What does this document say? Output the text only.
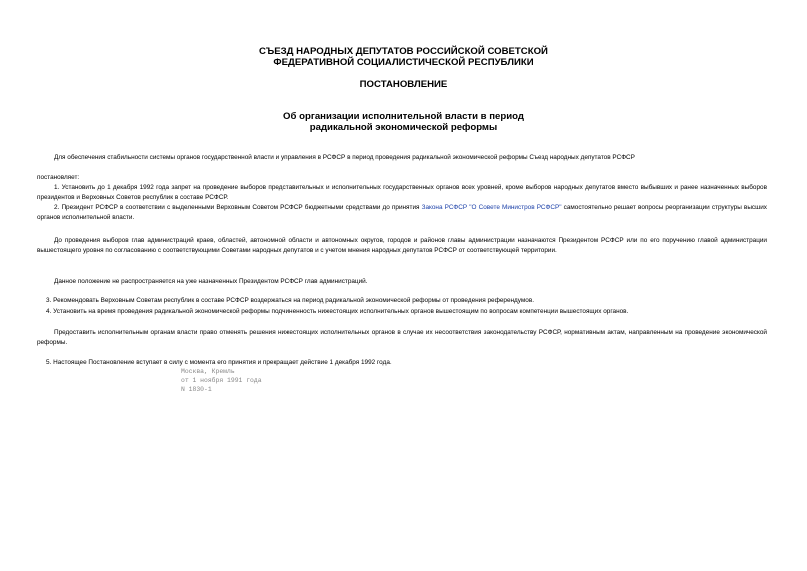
СЪЕЗД НАРОДНЫХ ДЕПУТАТОВ РОССИЙСКОЙ СОВЕТСКОЙ
ФЕДЕРАТИВНОЙ СОЦИАЛИСТИЧЕСКОЙ РЕСПУБЛИКИ
ПОСТАНОВЛЕНИЕ
Об организации исполнительной власти в период
радикальной экономической реформы
Для обеспечения стабильности системы органов государственной власти и управления в РСФСР в период проведения радикальной экономической реформы Съезд народных депутатов РСФСР
постановляет:
1. Установить до 1 декабря 1992 года запрет на проведение выборов представительных и исполнительных государственных органов всех уровней, кроме выборов народных депутатов вместо выбывших и ранее назначенных выборов президентов и Верховных Советов республик в составе РСФСР.
2. Президент РСФСР в соответствии с выделенными Верховным Советом РСФСР бюджетными средствами до принятия Закона РСФСР "О Совете Министров РСФСР" самостоятельно решает вопросы реорганизации структуры высших органов исполнительной власти.
До проведения выборов глав администраций краев, областей, автономной области и автономных округов, городов и районов главы администрации назначаются Президентом РСФСР или по его поручению главой администрации вышестоящего уровня по согласованию с соответствующими Советами народных депутатов и с учетом мнения народных депутатов РСФСР от соответствующей территории.
Данное положение не распространяется на уже назначенных Президентом РСФСР глав администраций.
3. Рекомендовать Верховным Советам республик в составе РСФСР воздержаться на период радикальной экономической реформы от проведения референдумов.
4. Установить на время проведения радикальной экономической реформы подчиненность нижестоящих исполнительных органов вышестоящим по вопросам компетенции вышестоящих органов.
Предоставить исполнительным органам власти право отменять решения нижестоящих исполнительных органов в случае их несоответствия законодательству РСФСР, нормативным актам, направленным на проведение экономической реформы.
5. Настоящее Постановление вступает в силу с момента его принятия и прекращает действие 1 декабря 1992 года.
Москва, Кремль
от 1 ноября 1991 года
N 1830-1
